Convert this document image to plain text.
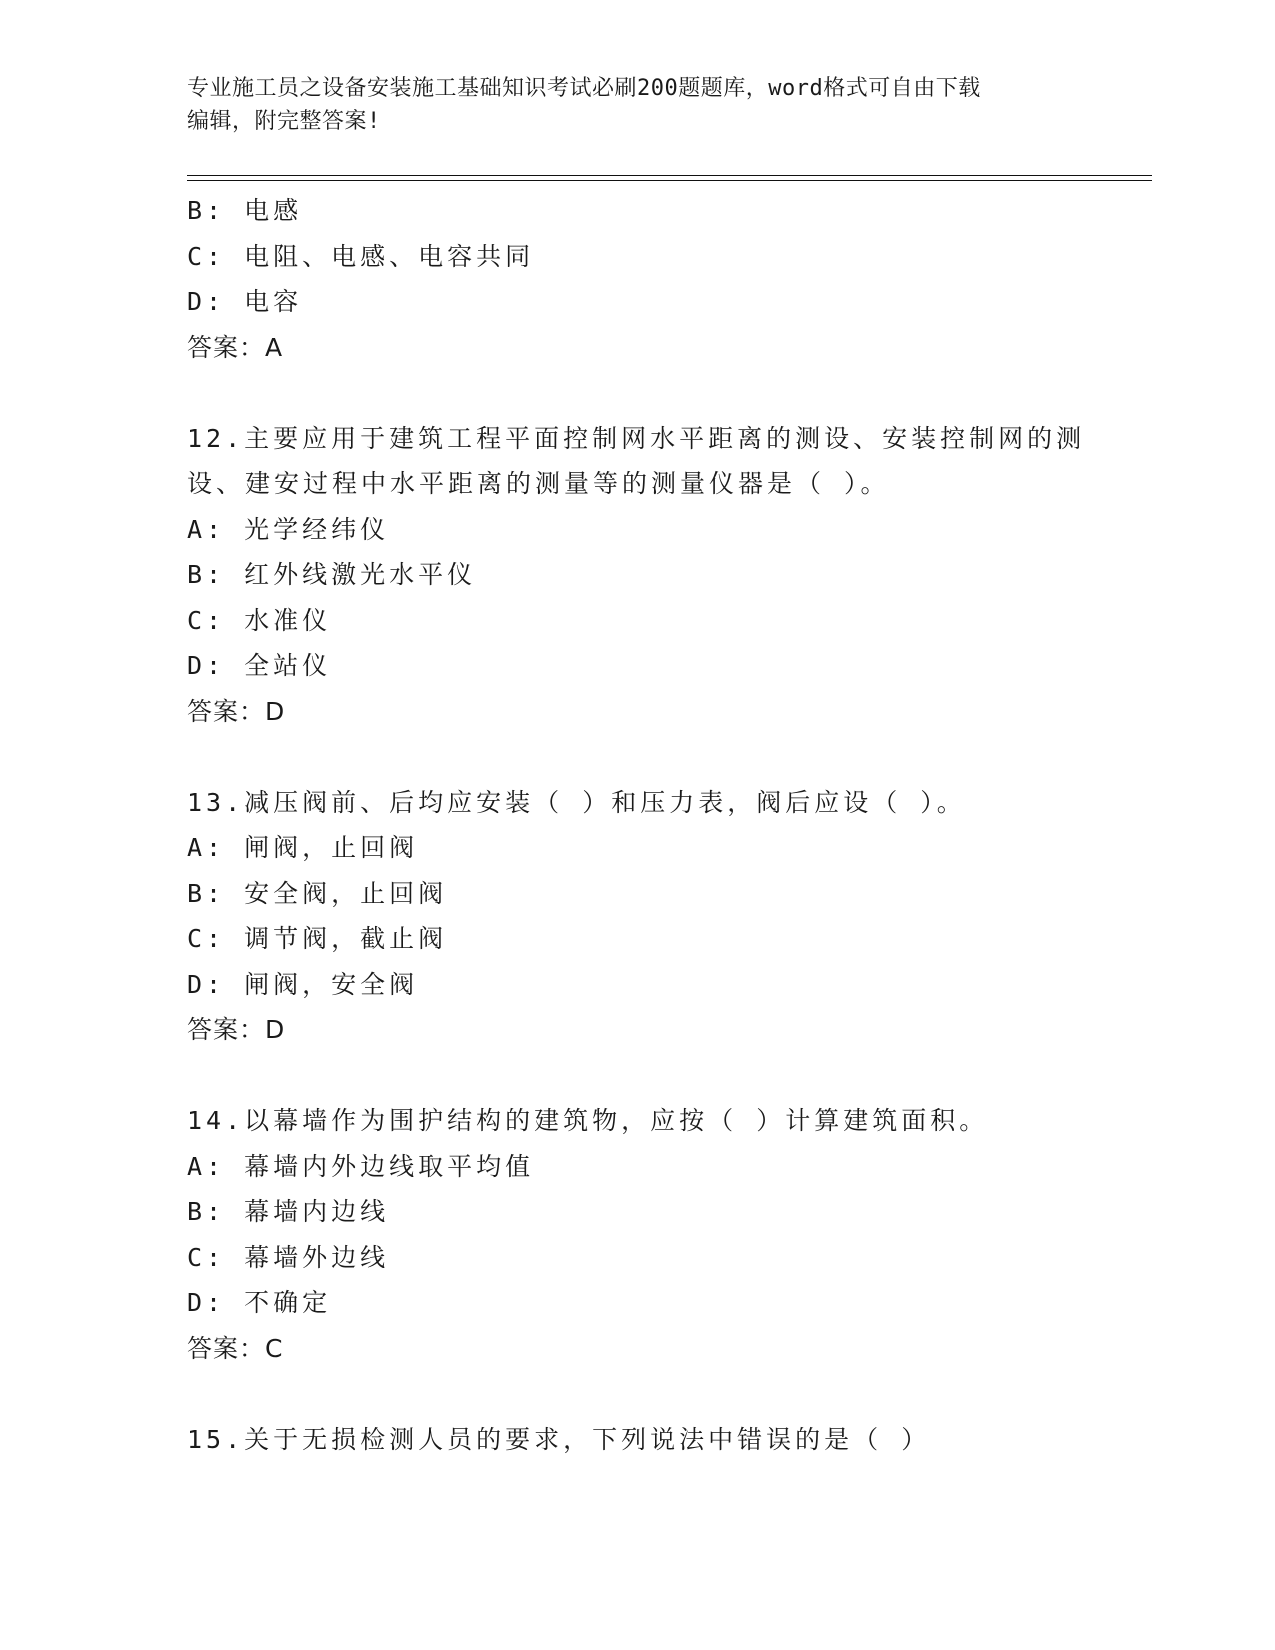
专业施工员之设备安装施工基础知识考试必刷200题题库，word格式可自由下载
编辑，附完整答案!
B: 电感
C: 电阻、电感、电容共同
D: 电容
答案：A
12.主要应用于建筑工程平面控制网水平距离的测设、安装控制网的测
设、建安过程中水平距离的测量等的测量仪器是（ ）。
A: 光学经纬仪
B: 红外线激光水平仪
C: 水准仪
D: 全站仪
答案：D
13.减压阀前、后均应安装（ ）和压力表，阀后应设（ ）。
A: 闸阀，止回阀
B: 安全阀，止回阀
C: 调节阀，截止阀
D: 闸阀，安全阀
答案：D
14.以幕墙作为围护结构的建筑物，应按（ ）计算建筑面积。
A: 幕墙内外边线取平均值
B: 幕墙内边线
C: 幕墙外边线
D: 不确定
答案：C
15.关于无损检测人员的要求，下列说法中错误的是（ ）
